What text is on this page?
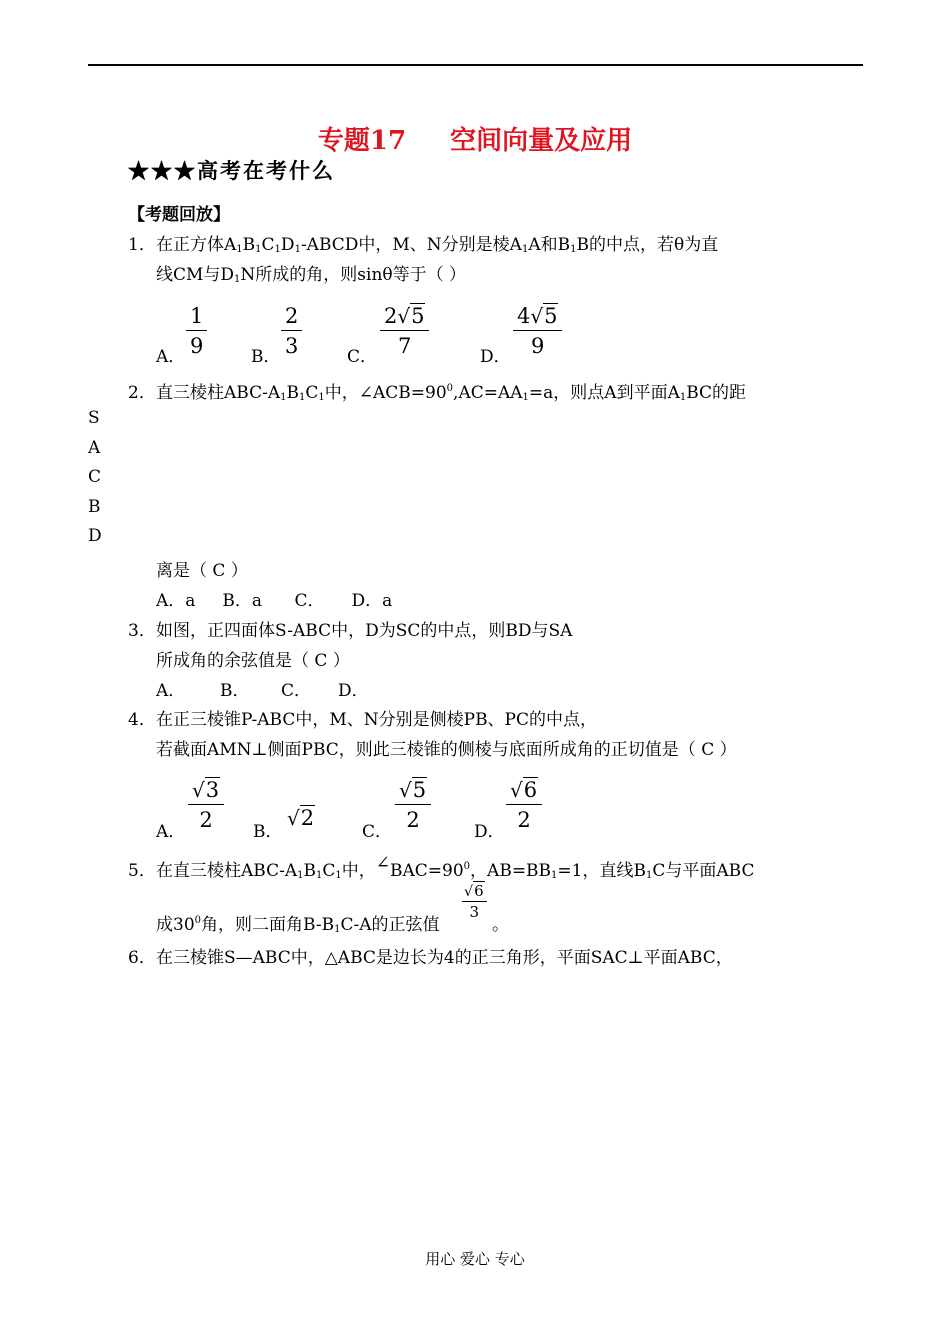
专题17 空间向量及应用
★★★高考在考什么
【考题回放】
1． 在正方体$A_1B_1C_1D_1$-ABCD中，M、N分别是棱$A_1A$和$B_1B$的中点，若θ为直
线CM与$D_1N$所成的角，则sinθ等于（ ）
A． $\frac{1}{9}$	B． $\frac{2}{3}$	C． $\frac{2√5}{7}$	D． $\frac{4√5}{9}$
2． 直三棱柱ABC-$A_1B_1C_1$中，$\angle ACB=90^0,AC=AA_1=a$，则点A到平面$A_1BC$的距
S
A
C
B
D
离是（ C ）
A．a     B．a      C．     D．a
3． 如图，正四面体S-ABC中，D为SC的中点，则BD与SA
所成角的余弦值是（ C ）
A． B． C． D．
4． 在正三棱锥P-ABC中，M、N分别是侧棱PB、PC的中点，
若截面AMN⊥侧面PBC，则此三棱锥的侧棱与底面所成角的正切值是（ C ）
A．
$\frac{√3}{2}$
B．
√2
C．
$\frac{√5}{2}$
D．
$\frac{√6}{2}$
5． 在直三棱柱ABC-$A_1B_1C_1$中，$\angle BAC=90^0$，$AB=BB_1=1$，直线$B_1C$与平面ABC
成$30^0$角，则二面角$B-B_1C-A$的正弦值
$\frac{√6}{3}$
。
6． 在三棱锥S—ABC中，△ABC是边长为4的正三角形，平面SAC⊥平面ABC，
用心 爱心 专心
